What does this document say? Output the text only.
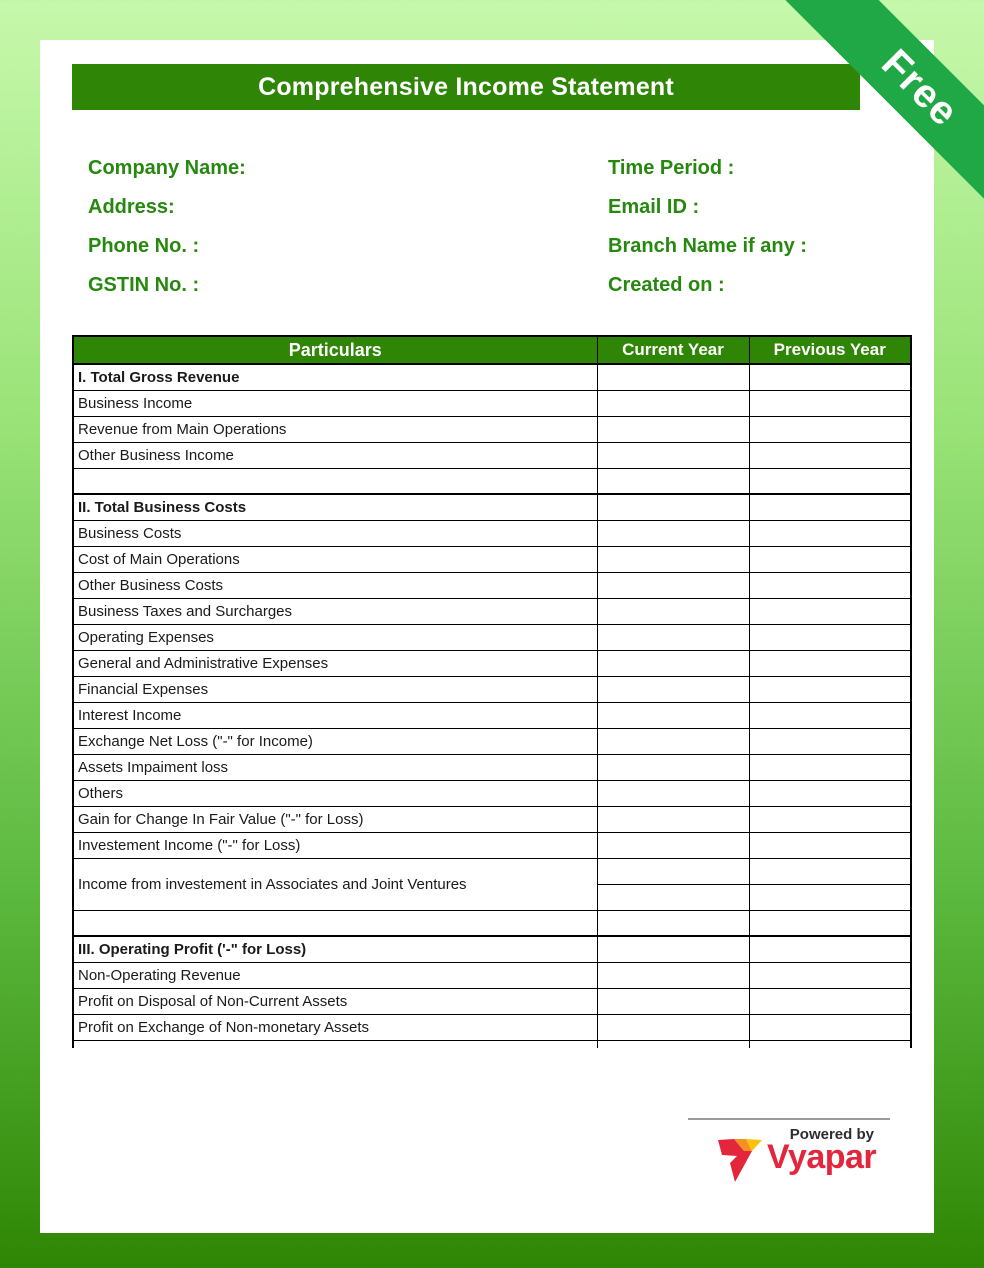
Comprehensive Income Statement
Company Name:
Address:
Phone No. :
GSTIN No. :
Time Period :
Email ID :
Branch Name if any :
Created on :
Particulars	Current Year	Previous Year
I. Total Gross Revenue		
Business Income		
Revenue from Main Operations		
Other Business Income		

II. Total Business Costs		
Business Costs		
Cost of Main Operations		
Other Business Costs		
Business Taxes and Surcharges		
Operating Expenses		
General and Administrative Expenses		
Financial Expenses		
Interest Income		
Exchange Net Loss ("-" for Income)		
Assets Impaiment loss		
Others		
Gain for Change In Fair Value ("-" for Loss)		
Investement Income ("-" for Loss)		
Income from investement in Associates and Joint Ventures		

III. Operating Profit ('-" for Loss)		
Non-Operating Revenue		
Profit on Disposal of Non-Current Assets		
Profit on Exchange of Non-monetary Assets		

Powered by
Vyapar
Free
